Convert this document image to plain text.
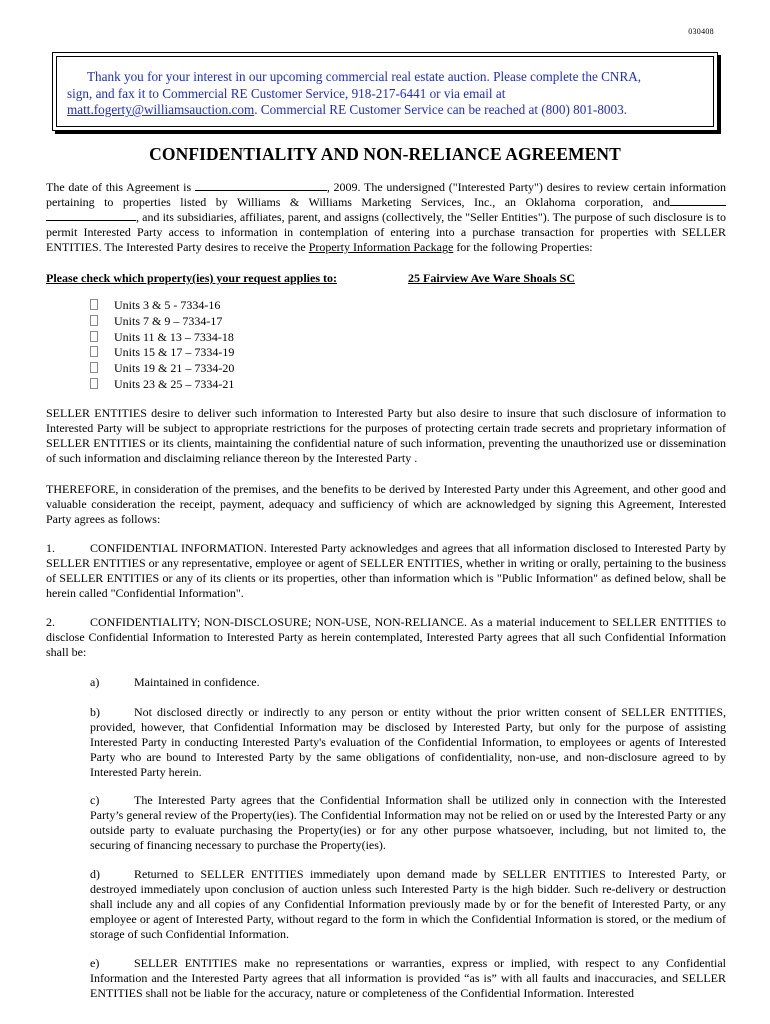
030408

Thank you for your interest in our upcoming commercial real estate auction. Please complete the CNRA,
sign, and fax it to Commercial RE Customer Service, 918-217-6441 or via email at
matt.fogerty@williamsauction.com. Commercial RE Customer Service can be reached at (800) 801-8003.

CONFIDENTIALITY AND NON-RELIANCE AGREEMENT

The date of this Agreement is	, 2009. The undersigned ("Interested Party") desires to review certain information pertaining to properties listed by Williams & Williams Marketing Services, Inc., an Oklahoma corporation, and , and its subsidiaries, affiliates, parent, and assigns (collectively, the "Seller Entities"). The purpose of such disclosure is to permit Interested Party access to information in contemplation of entering into a purchase transaction for properties with SELLER ENTITIES. The Interested Party desires to receive the Property Information Package for the following Properties:

Please check which property(ies) your request applies to:	25 Fairview Ave Ware Shoals SC
Units 3 & 5 - 7334-16
Units 7 & 9 – 7334-17
Units 11 & 13 – 7334-18
Units 15 & 17 – 7334-19
Units 19 & 21 – 7334-20
Units 23 & 25 – 7334-21

SELLER ENTITIES desire to deliver such information to Interested Party but also desire to insure that such disclosure of information to Interested Party will be subject to appropriate restrictions for the purposes of protecting certain trade secrets and proprietary information of SELLER ENTITIES or its clients, maintaining the confidential nature of such information, preventing the unauthorized use or dissemination of such information and disclaiming reliance thereon by the Interested Party .

THEREFORE, in consideration of the premises, and the benefits to be derived by Interested Party under this Agreement, and other good and valuable consideration the receipt, payment, adequacy and sufficiency of which are acknowledged by signing this Agreement, Interested Party agrees as follows:

1.	CONFIDENTIAL INFORMATION. Interested Party acknowledges and agrees that all information disclosed to Interested Party by SELLER ENTITIES or any representative, employee or agent of SELLER ENTITIES, whether in writing or orally, pertaining to the business of SELLER ENTITIES or any of its clients or its properties, other than information which is "Public Information" as defined below, shall be herein called "Confidential Information".

2.	CONFIDENTIALITY; NON-DISCLOSURE; NON-USE, NON-RELIANCE. As a material inducement to SELLER ENTITIES to disclose Confidential Information to Interested Party as herein contemplated, Interested Party agrees that all such Confidential Information shall be:

a)	Maintained in confidence.

b)	Not disclosed directly or indirectly to any person or entity without the prior written consent of SELLER ENTITIES, provided, however, that Confidential Information may be disclosed by Interested Party, but only for the purpose of assisting Interested Party in conducting Interested Party's evaluation of the Confidential Information, to employees or agents of Interested Party who are bound to Interested Party by the same obligations of confidentiality, non-use, and non-disclosure agreed to by Interested Party herein.

c)	The Interested Party agrees that the Confidential Information shall be utilized only in connection with the Interested Party’s general review of the Property(ies). The Confidential Information may not be relied on or used by the Interested Party or any outside party to evaluate purchasing the Property(ies) or for any other purpose whatsoever, including, but not limited to, the securing of financing necessary to purchase the Property(ies).

d)	Returned to SELLER ENTITIES immediately upon demand made by SELLER ENTITIES to Interested Party, or destroyed immediately upon conclusion of auction unless such Interested Party is the high bidder. Such re-delivery or destruction shall include any and all copies of any Confidential Information previously made by or for the benefit of Interested Party, or any employee or agent of Interested Party, without regard to the form in which the Confidential Information is stored, or the medium of storage of such Confidential Information.

e)	SELLER ENTITIES make no representations or warranties, express or implied, with respect to any Confidential Information and the Interested Party agrees that all information is provided “as is” with all faults and inaccuracies, and SELLER ENTITIES shall not be liable for the accuracy, nature or completeness of the Confidential Information. Interested
